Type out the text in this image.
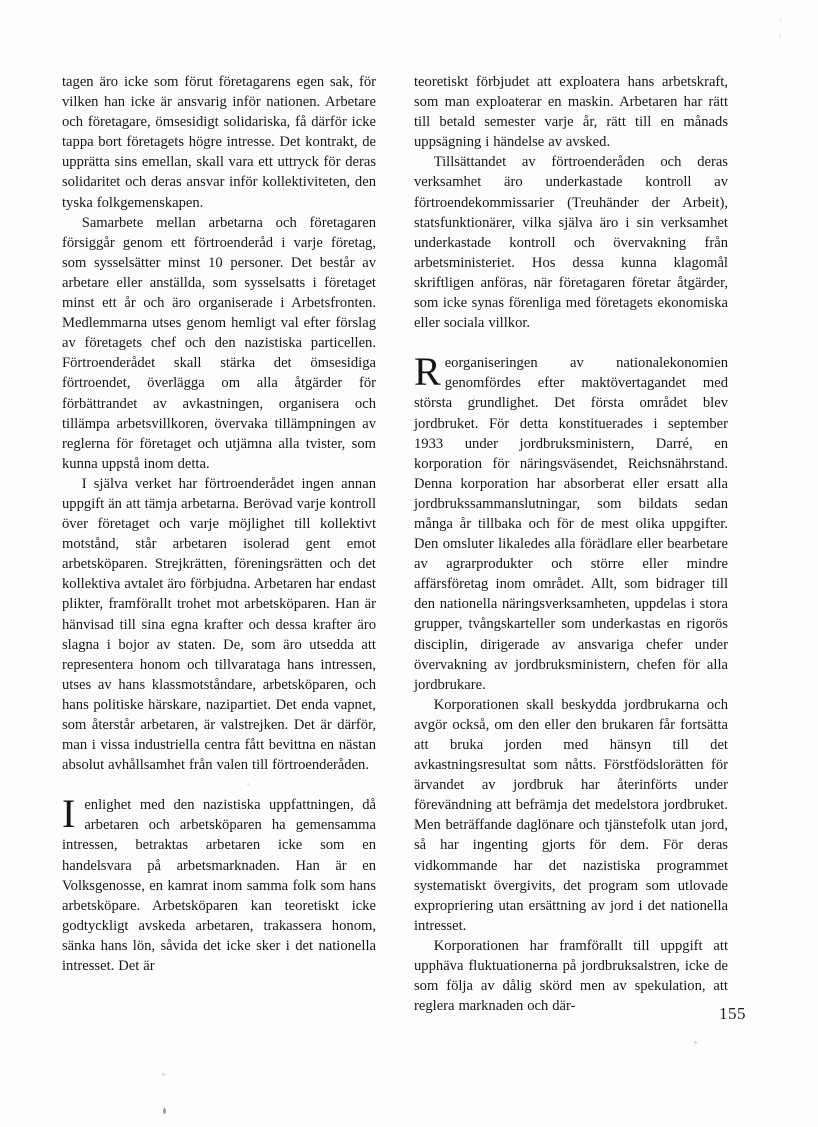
tagen äro icke som förut företagarens egen sak, för vilken han icke är ansvarig inför nationen. Arbetare och företagare, ömsesidigt solidariska, få därför icke tappa bort företagets högre intresse. Det kontrakt, de upprätta sins emellan, skall vara ett uttryck för deras solidaritet och deras ansvar inför kollektiviteten, den tyska folkgemenskapen.

Samarbete mellan arbetarna och företagaren försiggår genom ett förtroenderåd i varje företag, som sysselsätter minst 10 personer. Det består av arbetare eller anställda, som sysselsatts i företaget minst ett år och äro organiserade i Arbetsfronten. Medlemmarna utses genom hemligt val efter förslag av företagets chef och den nazistiska particellen. Förtroenderådet skall stärka det ömsesidiga förtroendet, överlägga om alla åtgärder för förbättrandet av avkastningen, organisera och tillämpa arbetsvillkoren, övervaka tillämpningen av reglerna för företaget och utjämna alla tvister, som kunna uppstå inom detta.

I själva verket har förtroenderådet ingen annan uppgift än att tämja arbetarna. Berövad varje kontroll över företaget och varje möjlighet till kollektivt motstånd, står arbetaren isolerad gent emot arbetsköparen. Strejkrätten, föreningsrätten och det kollektiva avtalet äro förbjudna. Arbetaren har endast plikter, framförallt trohet mot arbetsköparen. Han är hänvisad till sina egna krafter och dessa krafter äro slagna i bojor av staten. De, som äro utsedda att representera honom och tillvarataga hans intressen, utses av hans klassmotståndare, arbetsköparen, och hans politiske härskare, nazipartiet. Det enda vapnet, som återstår arbetaren, är valstrejken. Det är därför, man i vissa industriella centra fått bevittna en nästan absolut avhållsamhet från valen till förtroenderåden.

Ienlighet med den nazistiska uppfattningen, då arbetaren och arbetsköparen ha gemensamma intressen, betraktas arbetaren icke som en handelsvara på arbetsmarknaden. Han är en Volksgenosse, en kamrat inom samma folk som hans arbetsköpare. Arbetsköparen kan teoretiskt icke godtyckligt avskeda arbetaren, trakassera honom, sänka hans lön, såvida det icke sker i det nationella intresset. Det är

teoretiskt förbjudet att exploatera hans arbetskraft, som man exploaterar en maskin. Arbetaren har rätt till betald semester varje år, rätt till en månads uppsägning i händelse av avsked.

Tillsättandet av förtroenderåden och deras verksamhet äro underkastade kontroll av förtroendekommissarier (Treuhänder der Arbeit), statsfunktionärer, vilka själva äro i sin verksamhet underkastade kontroll och övervakning från arbetsministeriet. Hos dessa kunna klagomål skriftligen anföras, när företagaren företar åtgärder, som icke synas förenliga med företagets ekonomiska eller sociala villkor.

Reorganiseringen av nationalekonomien genomfördes efter maktövertagandet med största grundlighet. Det första området blev jordbruket. För detta konstituerades i september 1933 under jordbruksministern, Darré, en korporation för näringsväsendet, Reichsnährstand. Denna korporation har absorberat eller ersatt alla jordbrukssammanslutningar, som bildats sedan många år tillbaka och för de mest olika uppgifter. Den omsluter likaledes alla förädlare eller bearbetare av agrarprodukter och större eller mindre affärsföretag inom området. Allt, som bidrager till den nationella näringsverksamheten, uppdelas i stora grupper, tvångskarteller som underkastas en rigorös disciplin, dirigerade av ansvariga chefer under övervakning av jordbruksministern, chefen för alla jordbrukare.

Korporationen skall beskydda jordbrukarna och avgör också, om den eller den brukaren får fortsätta att bruka jorden med hänsyn till det avkastningsresultat som nåtts. Förstfödslorätten för ärvandet av jordbruk har återinförts under förevändning att befrämja det medelstora jordbruket. Men beträffande daglönare och tjänstefolk utan jord, så har ingenting gjorts för dem. För deras vidkommande har det nazistiska programmet systematiskt övergivits, det program som utlovade expropriering utan ersättning av jord i det nationella intresset.

Korporationen har framförallt till uppgift att upphäva fluktuationerna på jordbruksalstren, icke de som följa av dålig skörd men av spekulation, att reglera marknaden och där-	155
